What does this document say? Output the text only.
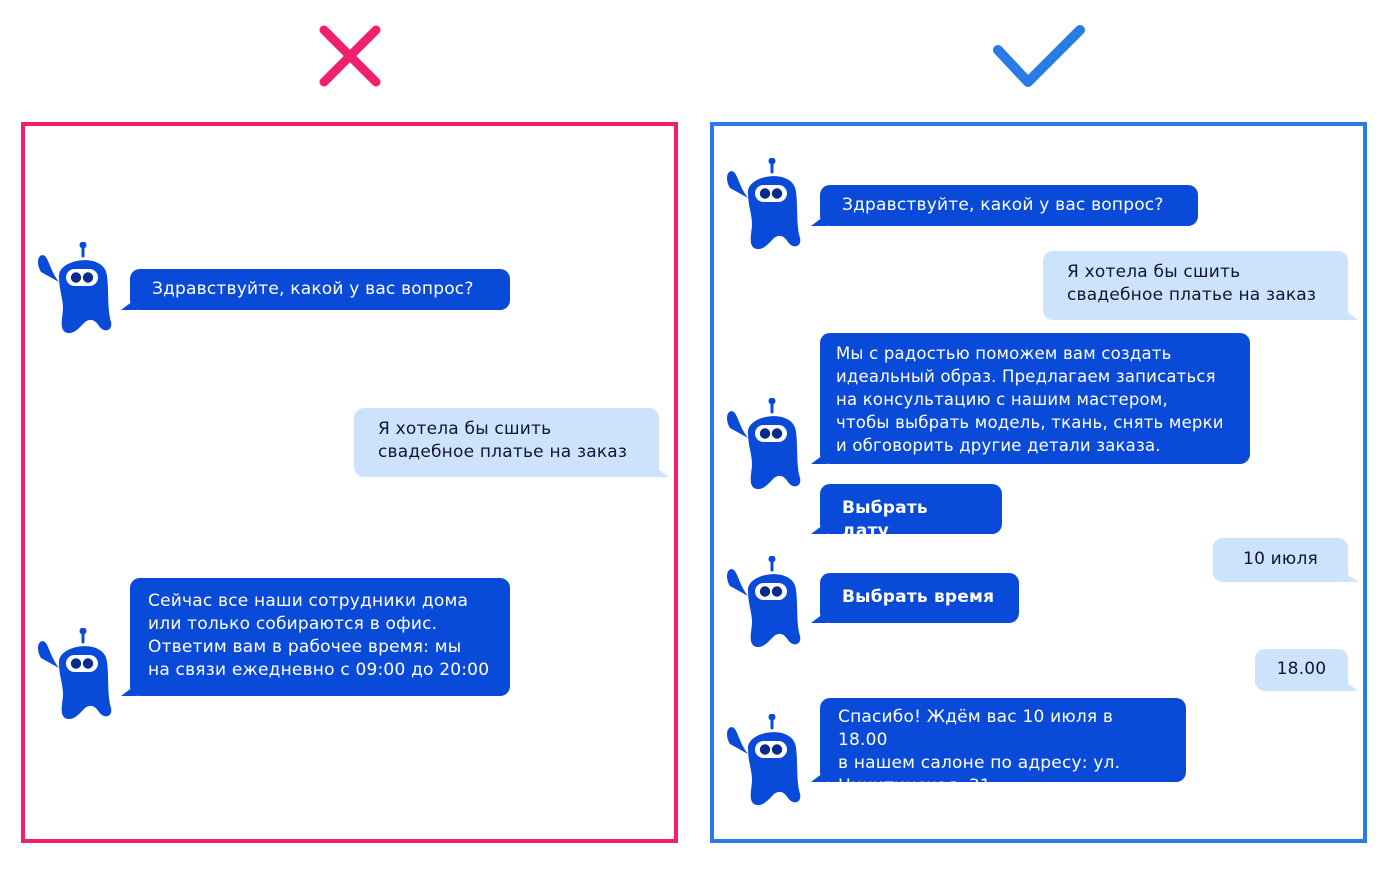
Здравствуйте, какой у вас вопрос?
Я хотела бы сшить
свадебное платье на заказ
Сейчас все наши сотрудники дома
или только собираются в офис.
Ответим вам в рабочее время: мы
на связи ежедневно с 09:00 до 20:00
Здравствуйте, какой у вас вопрос?
Я хотела бы сшить
свадебное платье на заказ
Мы с радостью поможем вам создать
идеальный образ. Предлагаем записаться
на консультацию с нашим мастером,
чтобы выбрать модель, ткань, снять мерки
и обговорить другие детали заказа.
Выбрать дату
10 июля
Выбрать время
18.00
Спасибо! Ждём вас 10 июля в 18.00
в нашем салоне по адресу: ул.
Никитинская, 31.
